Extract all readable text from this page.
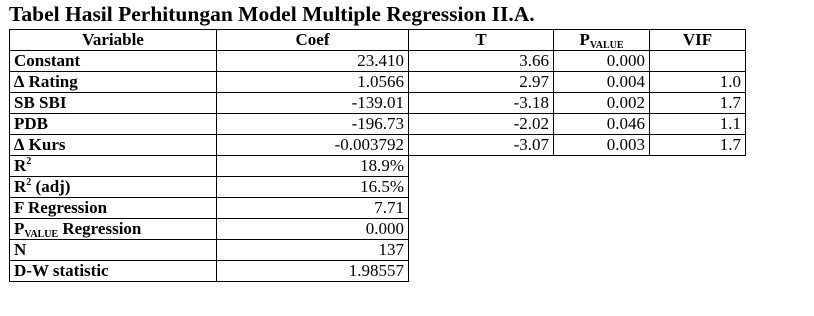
Tabel Hasil Perhitungan Model Multiple Regression II.A.
Variable	Coef	T	$P_{VALUE}$	VIF
Constant	23.410	3.66	0.000	
∆ Rating	1.0566	2.97	0.004	1.0
SB SBI	-139.01	-3.18	0.002	1.7
PDB	-196.73	-2.02	0.046	1.1
∆ Kurs	-0.003792	-3.07	0.003	1.7
$R^2$	18.9%			
$R^2$ (adj)	16.5%			
F Regression	7.71			
$P_{VALUE}$ Regression	0.000			
N	137			
D-W statistic	1.98557			
